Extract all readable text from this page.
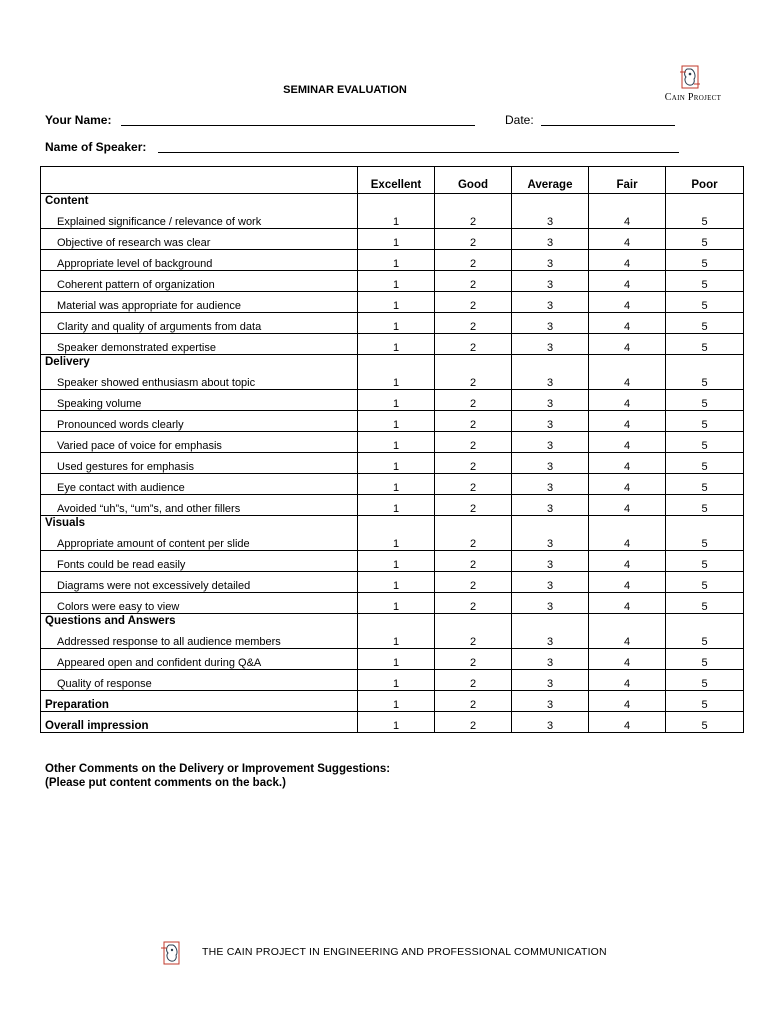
SEMINAR EVALUATION
Cain Project
Your Name:	Date:
Name of Speaker:
	Excellent	Good	Average	Fair	Poor
Content					
Explained significance / relevance of work	1	2	3	4	5
Objective of research was clear	1	2	3	4	5
Appropriate level of background	1	2	3	4	5
Coherent pattern of organization	1	2	3	4	5
Material was appropriate for audience	1	2	3	4	5
Clarity and quality of arguments from data	1	2	3	4	5
Speaker demonstrated expertise	1	2	3	4	5
Delivery					
Speaker showed enthusiasm about topic	1	2	3	4	5
Speaking volume	1	2	3	4	5
Pronounced words clearly	1	2	3	4	5
Varied pace of voice for emphasis	1	2	3	4	5
Used gestures for emphasis	1	2	3	4	5
Eye contact with audience	1	2	3	4	5
Avoided “uh”s, “um”s, and other fillers	1	2	3	4	5
Visuals					
Appropriate amount of content per slide	1	2	3	4	5
Fonts could be read easily	1	2	3	4	5
Diagrams were not excessively detailed	1	2	3	4	5
Colors were easy to view	1	2	3	4	5
Questions and Answers					
Addressed response to all audience members	1	2	3	4	5
Appeared open and confident during Q&A	1	2	3	4	5
Quality of response	1	2	3	4	5
Preparation	1	2	3	4	5
Overall impression	1	2	3	4	5
Other Comments on the Delivery or Improvement Suggestions:
(Please put content comments on the back.)
THE CAIN PROJECT IN ENGINEERING AND PROFESSIONAL COMMUNICATION
